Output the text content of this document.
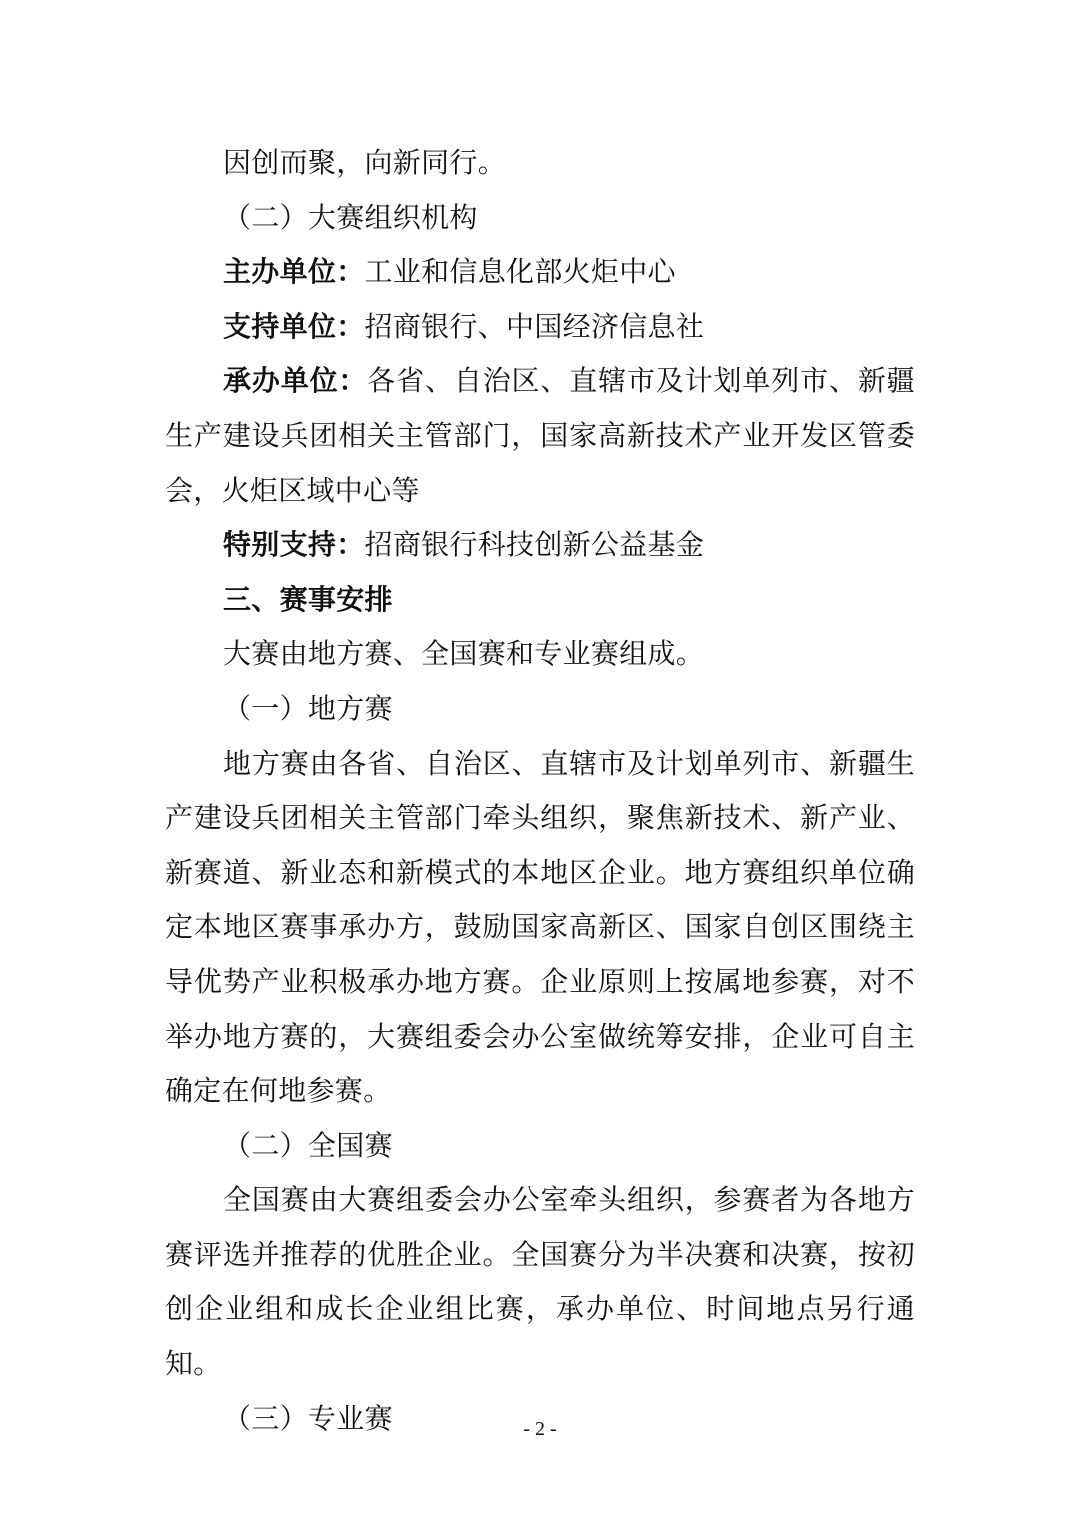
因创而聚，向新同行。

（二）大赛组织机构

主办单位：工业和信息化部火炬中心

支持单位：招商银行、中国经济信息社

承办单位：各省、自治区、直辖市及计划单列市、新疆生产建设兵团相关主管部门，国家高新技术产业开发区管委会，火炬区域中心等

特别支持：招商银行科技创新公益基金

三、赛事安排

大赛由地方赛、全国赛和专业赛组成。

（一）地方赛

地方赛由各省、自治区、直辖市及计划单列市、新疆生产建设兵团相关主管部门牵头组织，聚焦新技术、新产业、新赛道、新业态和新模式的本地区企业。地方赛组织单位确定本地区赛事承办方，鼓励国家高新区、国家自创区围绕主导优势产业积极承办地方赛。企业原则上按属地参赛，对不举办地方赛的，大赛组委会办公室做统筹安排，企业可自主确定在何地参赛。

（二）全国赛

全国赛由大赛组委会办公室牵头组织，参赛者为各地方赛评选并推荐的优胜企业。全国赛分为半决赛和决赛，按初创企业组和成长企业组比赛，承办单位、时间地点另行通知。

（三）专业赛	- 2 -
